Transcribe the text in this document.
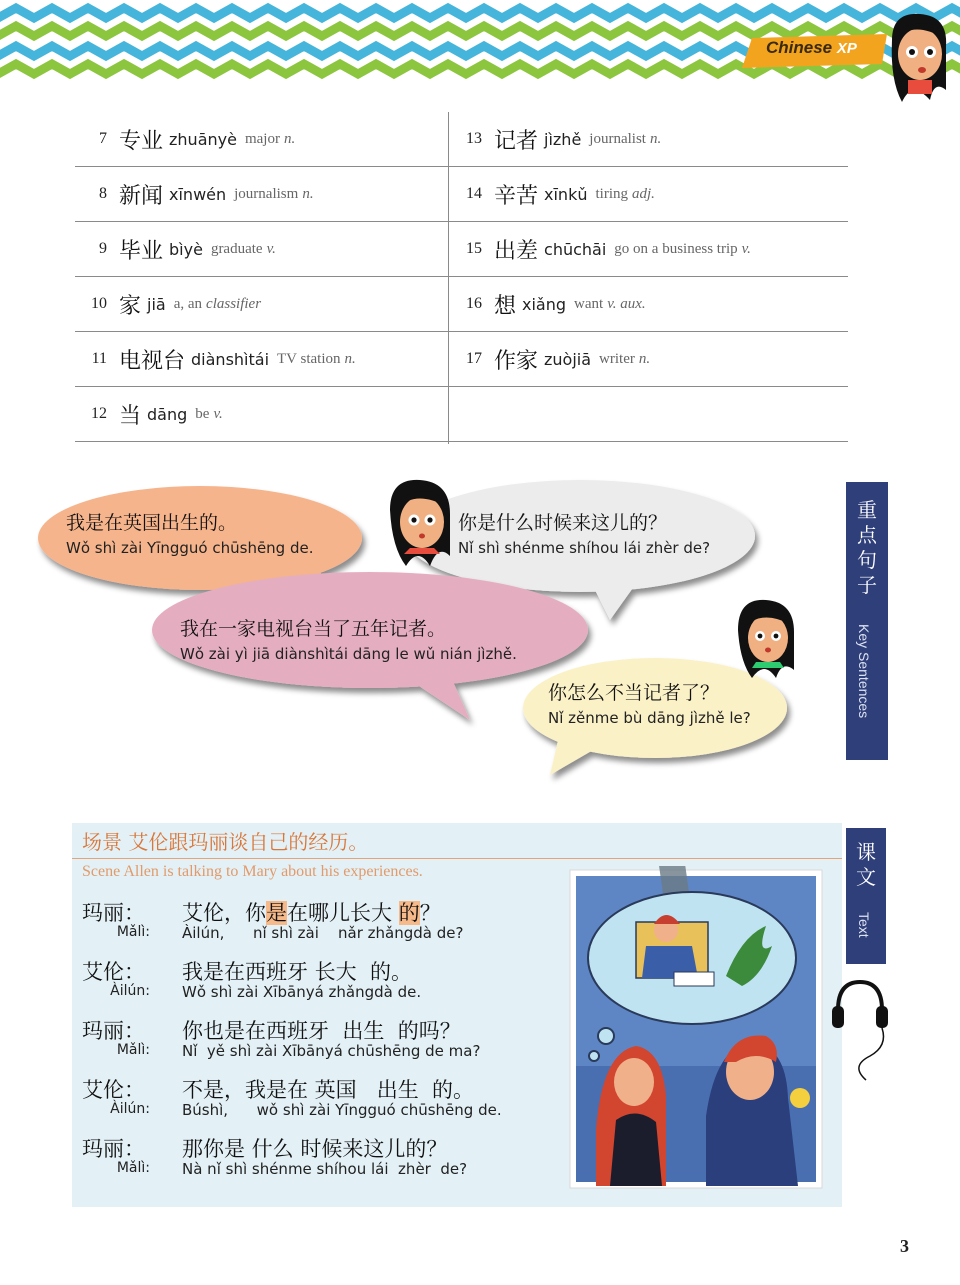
Chinese XP
7 专业 zhuānyè major n.
8 新闻 xīnwén journalism n.
9 毕业 bìyè graduate v.
10 家 jiā a, an classifier
11 电视台 diànshìtái TV station n.
12 当 dāng be v.
13 记者 jìzhě journalist n.
14 辛苦 xīnkǔ tiring adj.
15 出差 chūchāi go on a business trip v.
16 想 xiǎng want v. aux.
17 作家 zuòjiā writer n.
我是在英国出生的。
Wǒ shì zài Yīngguó chūshēng de.
你是什么时候来这儿的？
Nǐ shì shénme shíhou lái zhèr de?
我在一家电视台当了五年记者。
Wǒ zài yì jiā diànshìtái dāng le wǔ nián jìzhě.
你怎么不当记者了？
Nǐ zěnme bù dāng jìzhě le?
重
点
句
子
Key Sentences
场景 艾伦跟玛丽谈自己的经历。
Scene Allen is talking to Mary about his experiences.
玛丽：
Mǎlì:
艾伦，你是在哪儿长大 的？
Àilún,      nǐ shì zài    nǎr zhǎngdà de?
艾伦：
Àilún:
我是在西班牙 长大  的。
Wǒ shì zài Xībānyá zhǎngdà de.
玛丽：
Mǎlì:
你也是在西班牙  出生  的吗？
Nǐ  yě shì zài Xībānyá chūshēng de ma?
艾伦：
Àilún:
不是，我是在 英国   出生  的。
Búshì,      wǒ shì zài Yīngguó chūshēng de.
玛丽：
Mǎlì:
那你是 什么 时候来这儿的？
Nà nǐ shì shénme shíhou lái  zhèr  de?
课
文
Text
3
